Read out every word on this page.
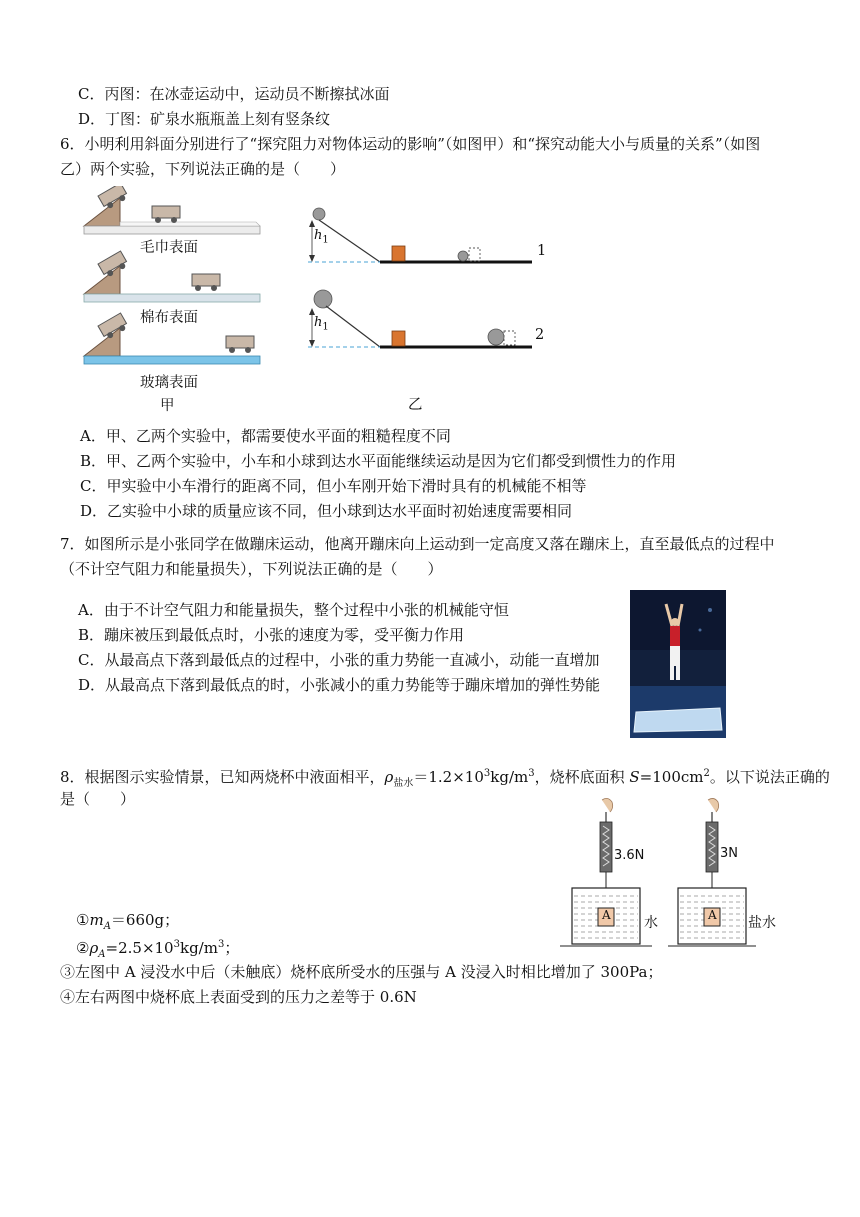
C．丙图：在冰壶运动中，运动员不断擦拭冰面
D．丁图：矿泉水瓶瓶盖上刻有竖条纹
6．小明利用斜面分别进行了“探究阻力对物体运动的影响”（如图甲）和“探究动能大小与质量的关系”（如图
乙）两个实验，下列说法正确的是（　　）
毛巾表面
棉布表面
玻璃表面
甲
$h_1$
$h_1$
1
2
乙
A．甲、乙两个实验中，都需要使水平面的粗糙程度不同
B．甲、乙两个实验中，小车和小球到达水平面能继续运动是因为它们都受到惯性力的作用
C．甲实验中小车滑行的距离不同，但小车刚开始下滑时具有的机械能不相等
D．乙实验中小球的质量应该不同，但小球到达水平面时初始速度需要相同
7．如图所示是小张同学在做蹦床运动，他离开蹦床向上运动到一定高度又落在蹦床上，直至最低点的过程中
（不计空气阻力和能量损失），下列说法正确的是（　　）
A．由于不计空气阻力和能量损失，整个过程中小张的机械能守恒
B．蹦床被压到最低点时，小张的速度为零，受平衡力作用
C．从最高点下落到最低点的过程中，小张的重力势能一直减小，动能一直增加
D．从最高点下落到最低点的时，小张减小的重力势能等于蹦床增加的弹性势能
8．根据图示实验情景，已知两烧杯中液面相平，$\rho_{盐水}=1.2\times 10^3kg/m^3$，烧杯底面积 $S=100cm^2$。以下说法正确的
是（　　）
3.6N	3N
A	A
水	盐水
$①m_A=660g$；
$②\rho_A=2.5\times 10^3kg/m^3$；
③左图中 A 浸没水中后（未触底）烧杯底所受水的压强与 A 没浸入时相比增加了 300Pa；
④左右两图中烧杯底上表面受到的压力之差等于 0.6N
